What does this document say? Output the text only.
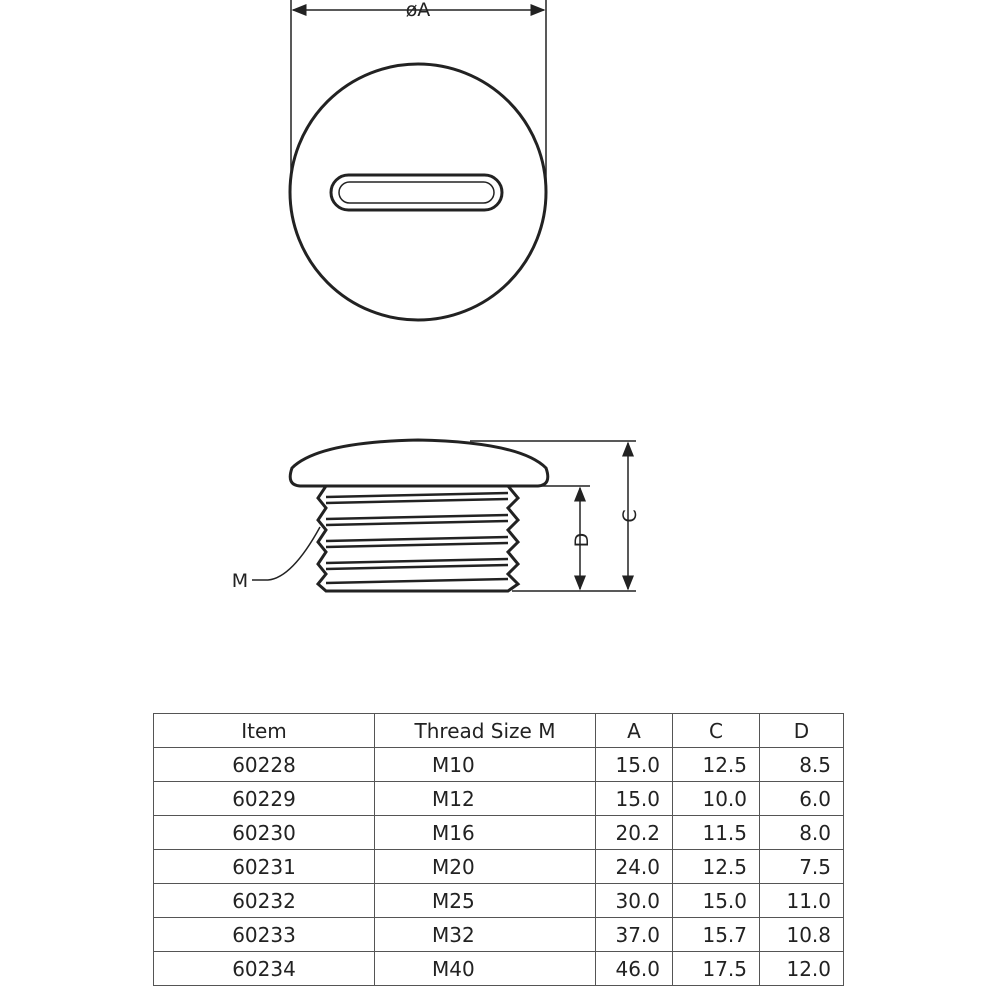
øA
M
C
D
Item	Thread Size M	A	C	D
60228	M10	15.0	12.5	8.5
60229	M12	15.0	10.0	6.0
60230	M16	20.2	11.5	8.0
60231	M20	24.0	12.5	7.5
60232	M25	30.0	15.0	11.0
60233	M32	37.0	15.7	10.8
60234	M40	46.0	17.5	12.0
